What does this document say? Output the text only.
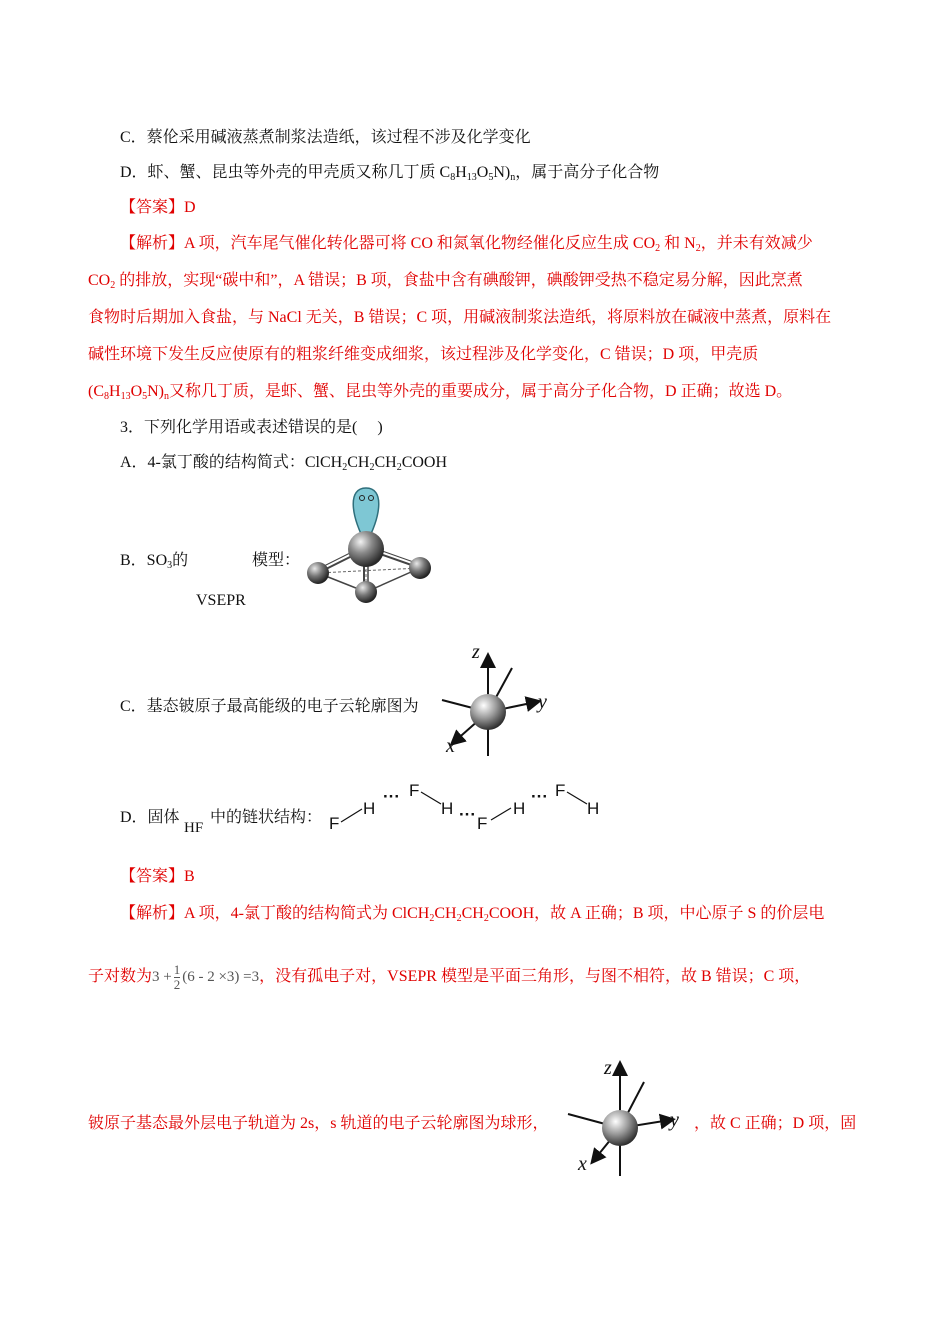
C．蔡伦采用碱液蒸煮制浆法造纸，该过程不涉及化学变化
D．虾、蟹、昆虫等外壳的甲壳质又称几丁质 $C_8H_{13}O_5N)_n$，属于高分子化合物
【答案】D
【解析】A 项，汽车尾气催化转化器可将 CO 和氮氧化物经催化反应生成 $CO_2$ 和 $N_2$，并未有效减少
$CO_2$ 的排放，实现“碳中和”，A 错误；B 项，食盐中含有碘酸钾，碘酸钾受热不稳定易分解，因此烹煮
食物时后期加入食盐，与 NaCl 无关，B 错误；C 项，用碱液制浆法造纸，将原料放在碱液中蒸煮，原料在
碱性环境下发生反应使原有的粗浆纤维变成细浆，该过程涉及化学变化，C 错误；D 项，甲壳质
$(C_8H_{13}O_5N)_n$又称几丁质，是虾、蟹、昆虫等外壳的重要成分，属于高分子化合物，D 正确；故选 D。
3．下列化学用语或表述错误的是(　 )
A．4-氯丁酸的结构简式：$ClCH_2CH_2CH_2COOH$
B．$SO_3$的	模型：
VSEPR
C．基态铍原子最高能级的电子云轮廓图为
z
y
x
D．固体
HF
中的链状结构： F
H
F
H
F
H
F
H
···
···
···
【答案】B
【解析】A 项，4-氯丁酸的结构简式为 $ClCH_2CH_2CH_2COOH$，故 A 正确；B 项，中心原子 S 的价层电
子对数为$3 + \frac{1}{2} (6 - 2 \times 3) =3$，没有孤电子对，VSEPR 模型是平面三角形，与图不相符，故 B 错误；C 项，
铍原子基态最外层电子轨道为 2s，s 轨道的电子云轮廓图为球形，
z
y
x
，故 C 正确；D 项，固
